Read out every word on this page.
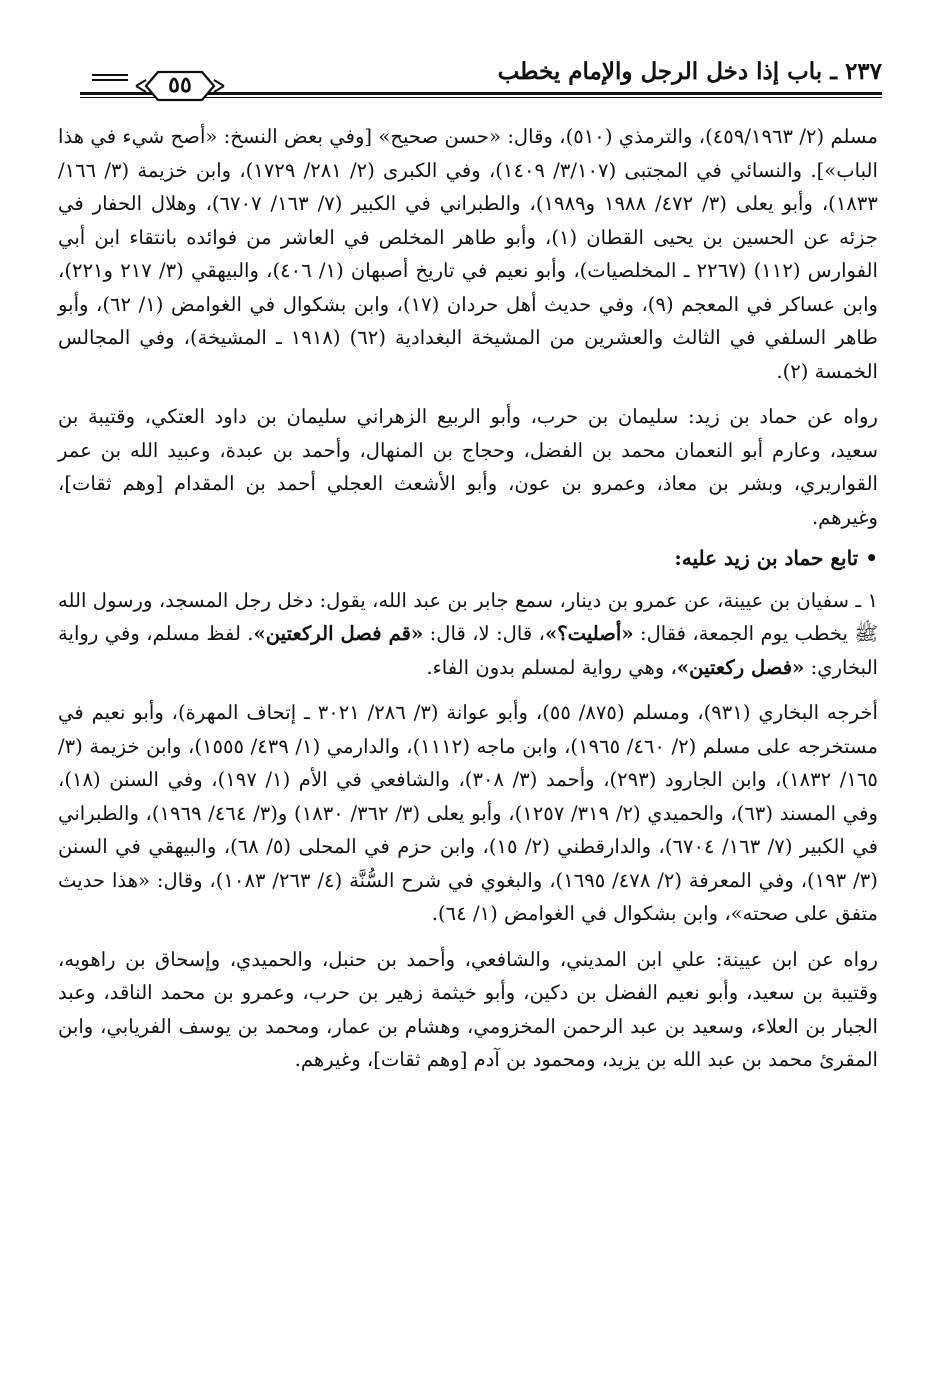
٢٣٧ ـ باب إذا دخل الرجل والإمام يخطب
٥٥

مسلم (٢/ ٤٥٩/١٩٦٣)، والترمذي (٥١٠)، وقال: «حسن صحيح» [وفي بعض النسخ: «أصح شيء في هذا الباب»]. والنسائي في المجتبى (٣/١٠٧/ ١٤٠٩)، وفي الكبرى (٢/ ٢٨١/ ١٧٢٩)، وابن خزيمة (٣/ ١٦٦/ ١٨٣٣)، وأبو يعلى (٣/ ٤٧٢/ ١٩٨٨ و١٩٨٩)، والطبراني في الكبير (٧/ ١٦٣/ ٦٧٠٧)، وهلال الحفار في جزئه عن الحسين بن يحيى القطان (١)، وأبو طاهر المخلص في العاشر من فوائده بانتقاء ابن أبي الفوارس (١١٢) (٢٢٦٧ ـ المخلصيات)، وأبو نعيم في تاريخ أصبهان (١/ ٤٠٦)، والبيهقي (٣/ ٢١٧ و٢٢١)، وابن عساكر في المعجم (٩)، وفي حديث أهل حردان (١٧)، وابن بشكوال في الغوامض (١/ ٦٢)، وأبو طاهر السلفي في الثالث والعشرين من المشيخة البغدادية (٦٢) (١٩١٨ ـ المشيخة)، وفي المجالس الخمسة (٢).

رواه عن حماد بن زيد: سليمان بن حرب، وأبو الربيع الزهراني سليمان بن داود العتكي، وقتيبة بن سعيد، وعارم أبو النعمان محمد بن الفضل، وحجاج بن المنهال، وأحمد بن عبدة، وعبيد الله بن عمر القواريري، وبشر بن معاذ، وعمرو بن عون، وأبو الأشعث العجلي أحمد بن المقدام [وهم ثقات]، وغيرهم.

• تابع حماد بن زيد عليه:

١ ـ سفيان بن عيينة، عن عمرو بن دينار، سمع جابر بن عبد الله، يقول: دخل رجل المسجد، ورسول الله ﷺ يخطب يوم الجمعة، فقال: «أصليت؟»، قال: لا، قال: «قم فصل الركعتين». لفظ مسلم، وفي رواية البخاري: «فصل ركعتين»، وهي رواية لمسلم بدون الفاء.

أخرجه البخاري (٩٣١)، ومسلم (٨٧٥/ ٥٥)، وأبو عوانة (٣/ ٢٨٦/ ٣٠٢١ ـ إتحاف المهرة)، وأبو نعيم في مستخرجه على مسلم (٢/ ٤٦٠/ ١٩٦٥)، وابن ماجه (١١١٢)، والدارمي (١/ ٤٣٩/ ١٥٥٥)، وابن خزيمة (٣/ ١٦٥/ ١٨٣٢)، وابن الجارود (٢٩٣)، وأحمد (٣/ ٣٠٨)، والشافعي في الأم (١/ ١٩٧)، وفي السنن (١٨)، وفي المسند (٦٣)، والحميدي (٢/ ٣١٩/ ١٢٥٧)، وأبو يعلى (٣/ ٣٦٢/ ١٨٣٠) و(٣/ ٤٦٤/ ١٩٦٩)، والطبراني في الكبير (٧/ ١٦٣/ ٦٧٠٤)، والدارقطني (٢/ ١٥)، وابن حزم في المحلى (٥/ ٦٨)، والبيهقي في السنن (٣/ ١٩٣)، وفي المعرفة (٢/ ٤٧٨/ ١٦٩٥)، والبغوي في شرح السُّنَّة (٤/ ٢٦٣/ ١٠٨٣)، وقال: «هذا حديث متفق على صحته»، وابن بشكوال في الغوامض (١/ ٦٤).

رواه عن ابن عيينة: علي ابن المديني، والشافعي، وأحمد بن حنبل، والحميدي، وإسحاق بن راهويه، وقتيبة بن سعيد، وأبو نعيم الفضل بن دكين، وأبو خيثمة زهير بن حرب، وعمرو بن محمد الناقد، وعبد الجبار بن العلاء، وسعيد بن عبد الرحمن المخزومي، وهشام بن عمار، ومحمد بن يوسف الفريابي، وابن المقرئ محمد بن عبد الله بن يزيد، ومحمود بن آدم [وهم ثقات]، وغيرهم.
